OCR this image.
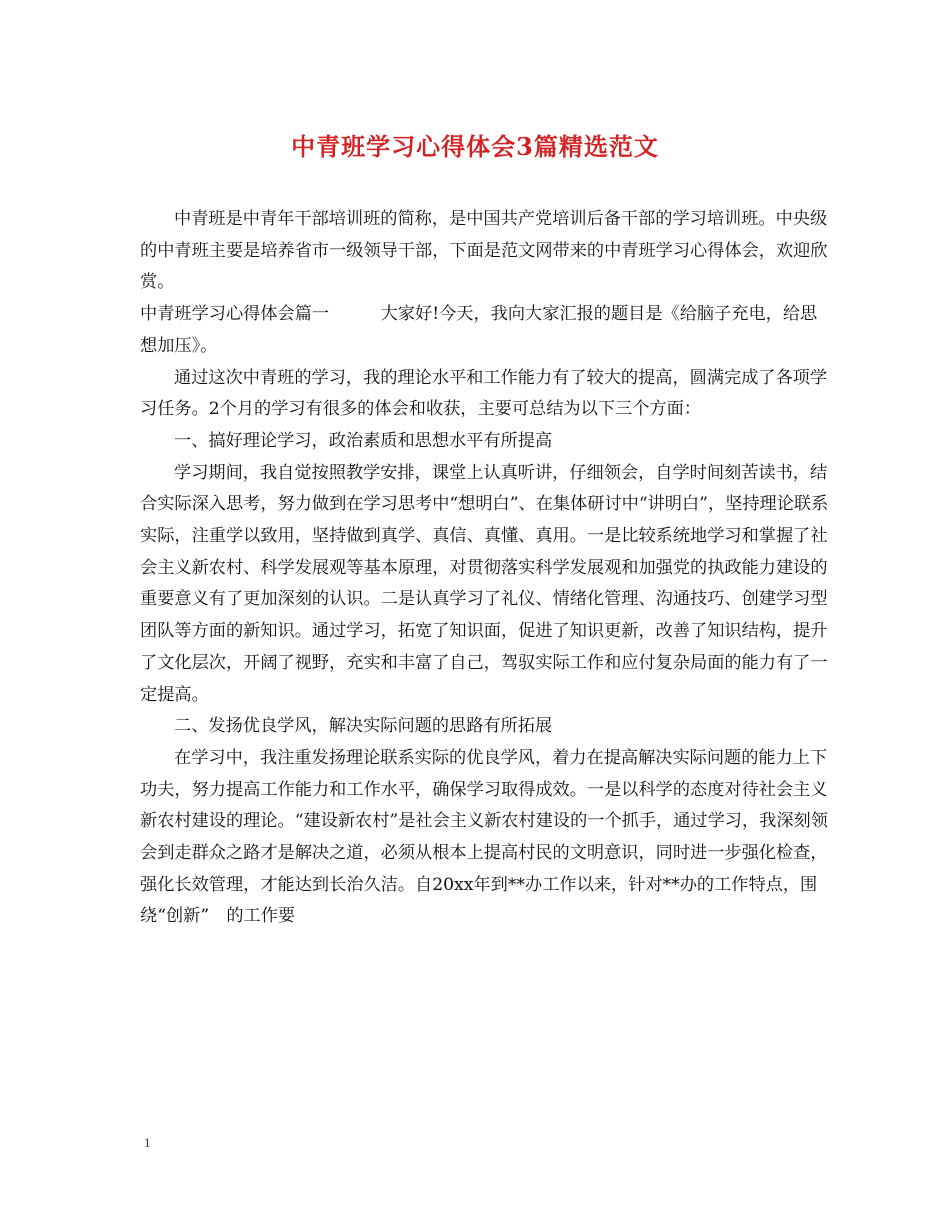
中青班学习心得体会3篇精选范文

中青班是中青年干部培训班的简称，是中国共产党培训后备干部的学习培训班。中央级的中青班主要是培养省市一级领导干部，下面是范文网带来的中青班学习心得体会，欢迎欣赏。

中青班学习心得体会篇一　　　大家好!今天，我向大家汇报的题目是《给脑子充电，给思想加压》。

通过这次中青班的学习，我的理论水平和工作能力有了较大的提高，圆满完成了各项学习任务。2个月的学习有很多的体会和收获，主要可总结为以下三个方面：

一、搞好理论学习，政治素质和思想水平有所提高

学习期间，我自觉按照教学安排，课堂上认真听讲，仔细领会，自学时间刻苦读书，结合实际深入思考，努力做到在学习思考中“想明白”、在集体研讨中“讲明白”，坚持理论联系实际，注重学以致用，坚持做到真学、真信、真懂、真用。一是比较系统地学习和掌握了社会主义新农村、科学发展观等基本原理，对贯彻落实科学发展观和加强党的执政能力建设的重要意义有了更加深刻的认识。二是认真学习了礼仪、情绪化管理、沟通技巧、创建学习型团队等方面的新知识。通过学习，拓宽了知识面，促进了知识更新，改善了知识结构，提升了文化层次，开阔了视野，充实和丰富了自己，驾驭实际工作和应付复杂局面的能力有了一定提高。

二、发扬优良学风，解决实际问题的思路有所拓展

在学习中，我注重发扬理论联系实际的优良学风，着力在提高解决实际问题的能力上下功夫，努力提高工作能力和工作水平，确保学习取得成效。一是以科学的态度对待社会主义新农村建设的理论。“建设新农村”是社会主义新农村建设的一个抓手，通过学习，我深刻领会到走群众之路才是解决之道，必须从根本上提高村民的文明意识，同时进一步强化检查，强化长效管理，才能达到长治久洁。自20xx年到**办工作以来，针对**办的工作特点，围绕“创新”　的工作要

1
